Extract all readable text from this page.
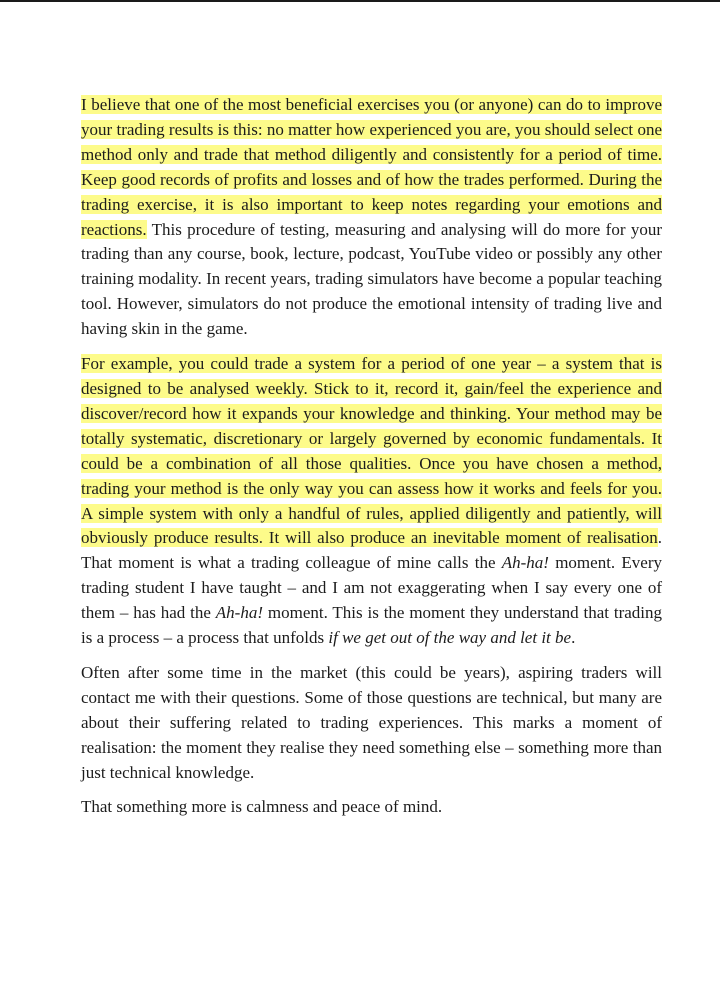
I believe that one of the most beneficial exercises you (or anyone) can do to improve your trading results is this: no matter how experienced you are, you should select one method only and trade that method diligently and consistently for a period of time. Keep good records of profits and losses and of how the trades performed. During the trading exercise, it is also important to keep notes regarding your emotions and reactions. This procedure of testing, measuring and analysing will do more for your trading than any course, book, lecture, podcast, YouTube video or possibly any other training modality. In recent years, trading simulators have become a popular teaching tool. However, simulators do not produce the emotional intensity of trading live and having skin in the game.

For example, you could trade a system for a period of one year – a system that is designed to be analysed weekly. Stick to it, record it, gain/feel the experience and discover/record how it expands your knowledge and thinking. Your method may be totally systematic, discretionary or largely governed by economic fundamentals. It could be a combination of all those qualities. Once you have chosen a method, trading your method is the only way you can assess how it works and feels for you. A simple system with only a handful of rules, applied diligently and patiently, will obviously produce results. It will also produce an inevitable moment of realisation. That moment is what a trading colleague of mine calls the Ah-ha! moment. Every trading student I have taught – and I am not exaggerating when I say every one of them – has had the Ah-ha! moment. This is the moment they understand that trading is a process – a process that unfolds if we get out of the way and let it be.

Often after some time in the market (this could be years), aspiring traders will contact me with their questions. Some of those questions are technical, but many are about their suffering related to trading experiences. This marks a moment of realisation: the moment they realise they need something else – something more than just technical knowledge.

That something more is calmness and peace of mind.
